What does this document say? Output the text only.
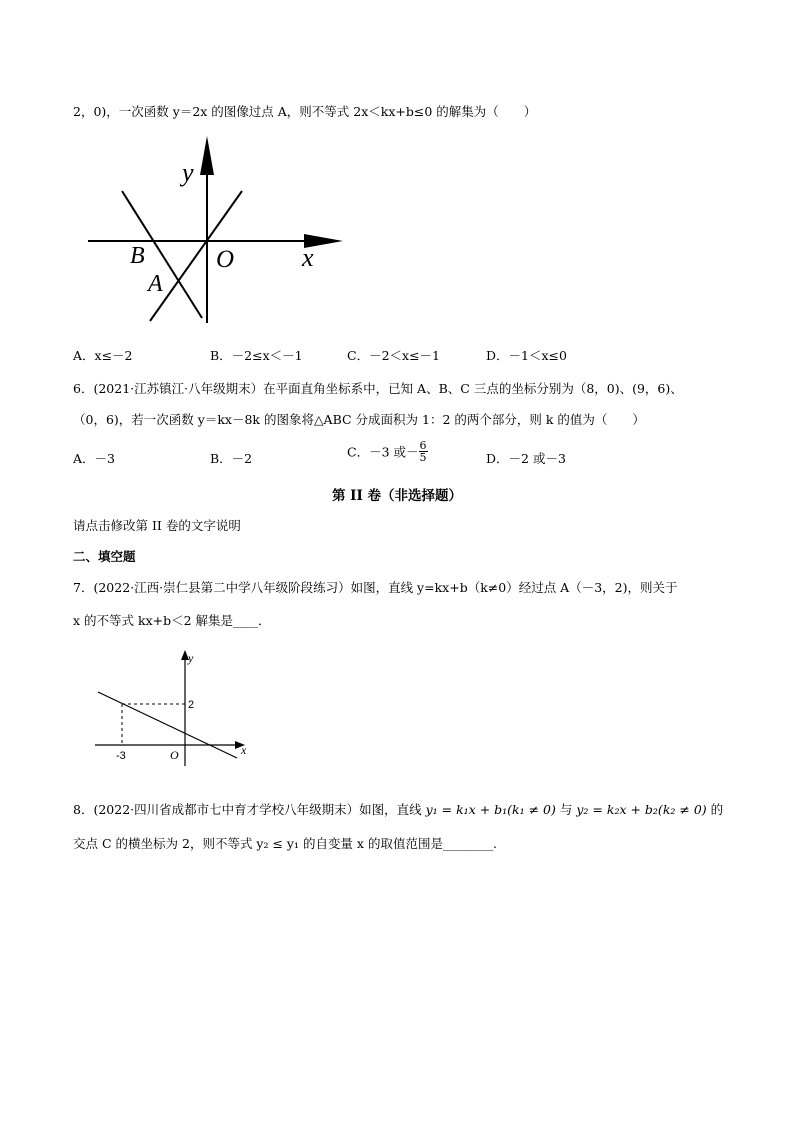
2，0)，一次函数 y＝2x 的图像过点 A，则不等式 2x＜kx+b≤0 的解集为（　　）
y
x
O
B
A
A．x≤－2	B．－2≤x＜－1	C．－2＜x≤－1	D．－1＜x≤0
6．(2021·江苏镇江·八年级期末）在平面直角坐标系中，已知 A、B、C 三点的坐标分别为（8，0)、(9，6)、
（0，6)，若一次函数 y＝kx－8k 的图象将△ABC 分成面积为 1：2 的两个部分，则 k 的值为（　　）
A．－3	B．－2	C．－3 或－ $\frac{6}{5}$	D．－2 或－3
第 II 卷（非选择题）
请点击修改第 II 卷的文字说明
二、填空题
7．(2022·江西·崇仁县第二中学八年级阶段练习）如图，直线 y=kx+b（k≠0）经过点 A（－3，2)，则关于
x 的不等式 kx+b＜2 解集是____．
y
x
O
-3
2
8．(2022·四川省成都市七中育才学校八年级期末）如图，直线 y₁ = k₁x + b₁(k₁ ≠ 0) 与 y₂ = k₂x + b₂(k₂ ≠ 0) 的
交点 C 的横坐标为 2，则不等式 y₂ ≤ y₁ 的自变量 x 的取值范围是________.
